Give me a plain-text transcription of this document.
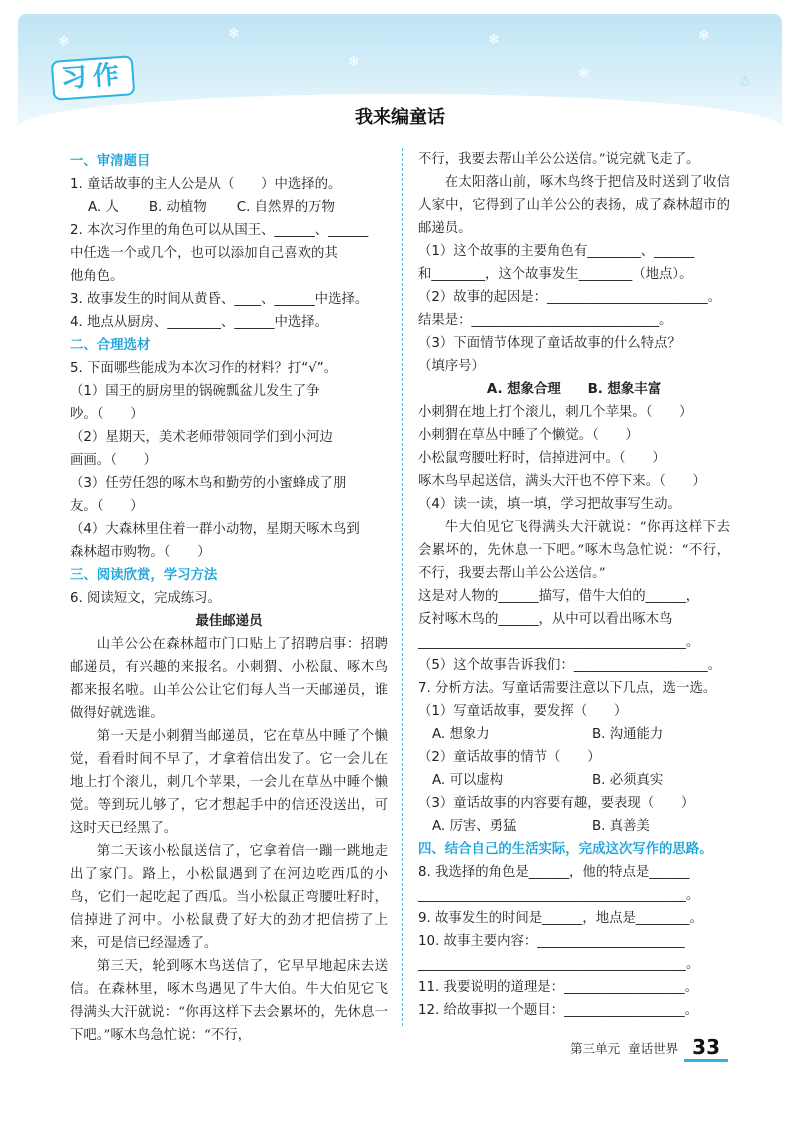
❄	❄
❄
❄
❄
❄
☃
习作
我来编童话
一、审清题目
1. 童话故事的主人公是从（　　）中选择的。
A. 人 B. 动植物 C. 自然界的万物
2. 本次习作里的角色可以从国王、______、______
中任选一个或几个，也可以添加自己喜欢的其
他角色。
3. 故事发生的时间从黄昏、____、______中选择。
4. 地点从厨房、________、______中选择。
二、合理选材
5. 下面哪些能成为本次习作的材料？打“√”。
（1）国王的厨房里的锅碗瓢盆儿发生了争
吵。（　　）
（2）星期天，美术老师带领同学们到小河边
画画。（　　）
（3）任劳任怨的啄木鸟和勤劳的小蜜蜂成了朋
友。（　　）
（4）大森林里住着一群小动物，星期天啄木鸟到
森林超市购物。（　　）
三、阅读欣赏，学习方法
6. 阅读短文，完成练习。
最佳邮递员
山羊公公在森林超市门口贴上了招聘启事：招聘邮递员，有兴趣的来报名。小刺猬、小松鼠、啄木鸟都来报名啦。山羊公公让它们每人当一天邮递员，谁做得好就选谁。
第一天是小刺猬当邮递员，它在草丛中睡了个懒觉，看看时间不早了，才拿着信出发了。它一会儿在地上打个滚儿，刺几个苹果，一会儿在草丛中睡个懒觉。等到玩儿够了，它才想起手中的信还没送出，可这时天已经黑了。
第二天该小松鼠送信了，它拿着信一蹦一跳地走出了家门。路上，小松鼠遇到了在河边吃西瓜的小鸟，它们一起吃起了西瓜。当小松鼠正弯腰吐籽时，信掉进了河中。小松鼠费了好大的劲才把信捞了上来，可是信已经湿透了。
第三天，轮到啄木鸟送信了，它早早地起床去送信。在森林里，啄木鸟遇见了牛大伯。牛大伯见它飞得满头大汗就说：“你再这样下去会累坏的，先休息一下吧。”啄木鸟急忙说：“不行，
不行，我要去帮山羊公公送信。”说完就飞走了。
在太阳落山前，啄木鸟终于把信及时送到了收信人家中，它得到了山羊公公的表扬，成了森林超市的邮递员。
（1）这个故事的主要角色有________、______
和________，这个故事发生________（地点）。
（2）故事的起因是：________________________。
结果是：____________________________。
（3）下面情节体现了童话故事的什么特点？
（填序号）
A. 想象合理　　B. 想象丰富
小刺猬在地上打个滚儿，刺几个苹果。（　　）
小刺猬在草丛中睡了个懒觉。（　　）
小松鼠弯腰吐籽时，信掉进河中。（　　）
啄木鸟早起送信，满头大汗也不停下来。（　　）
（4）读一读，填一填，学习把故事写生动。
牛大伯见它飞得满头大汗就说：“你再这样下去会累坏的，先休息一下吧。”啄木鸟急忙说：“不行，不行，我要去帮山羊公公送信。”
这是对人物的______描写，借牛大伯的______，
反衬啄木鸟的______，从中可以看出啄木鸟
________________________________________。
（5）这个故事告诉我们：____________________。
7. 分析方法。写童话需要注意以下几点，选一选。
（1）写童话故事，要发挥（　　）
A. 想象力	B. 沟通能力
（2）童话故事的情节（　　）
A. 可以虚构	B. 必须真实
（3）童话故事的内容要有趣，要表现（　　）
A. 厉害、勇猛	B. 真善美
四、结合自己的生活实际，完成这次写作的思路。
8. 我选择的角色是______，他的特点是______
________________________________________。
9. 故事发生的时间是______，地点是________。
10. 故事主要内容：______________________
________________________________________。
11. 我要说明的道理是：__________________。
12. 给故事拟一个题目：__________________。
第三单元 童话世界 33
